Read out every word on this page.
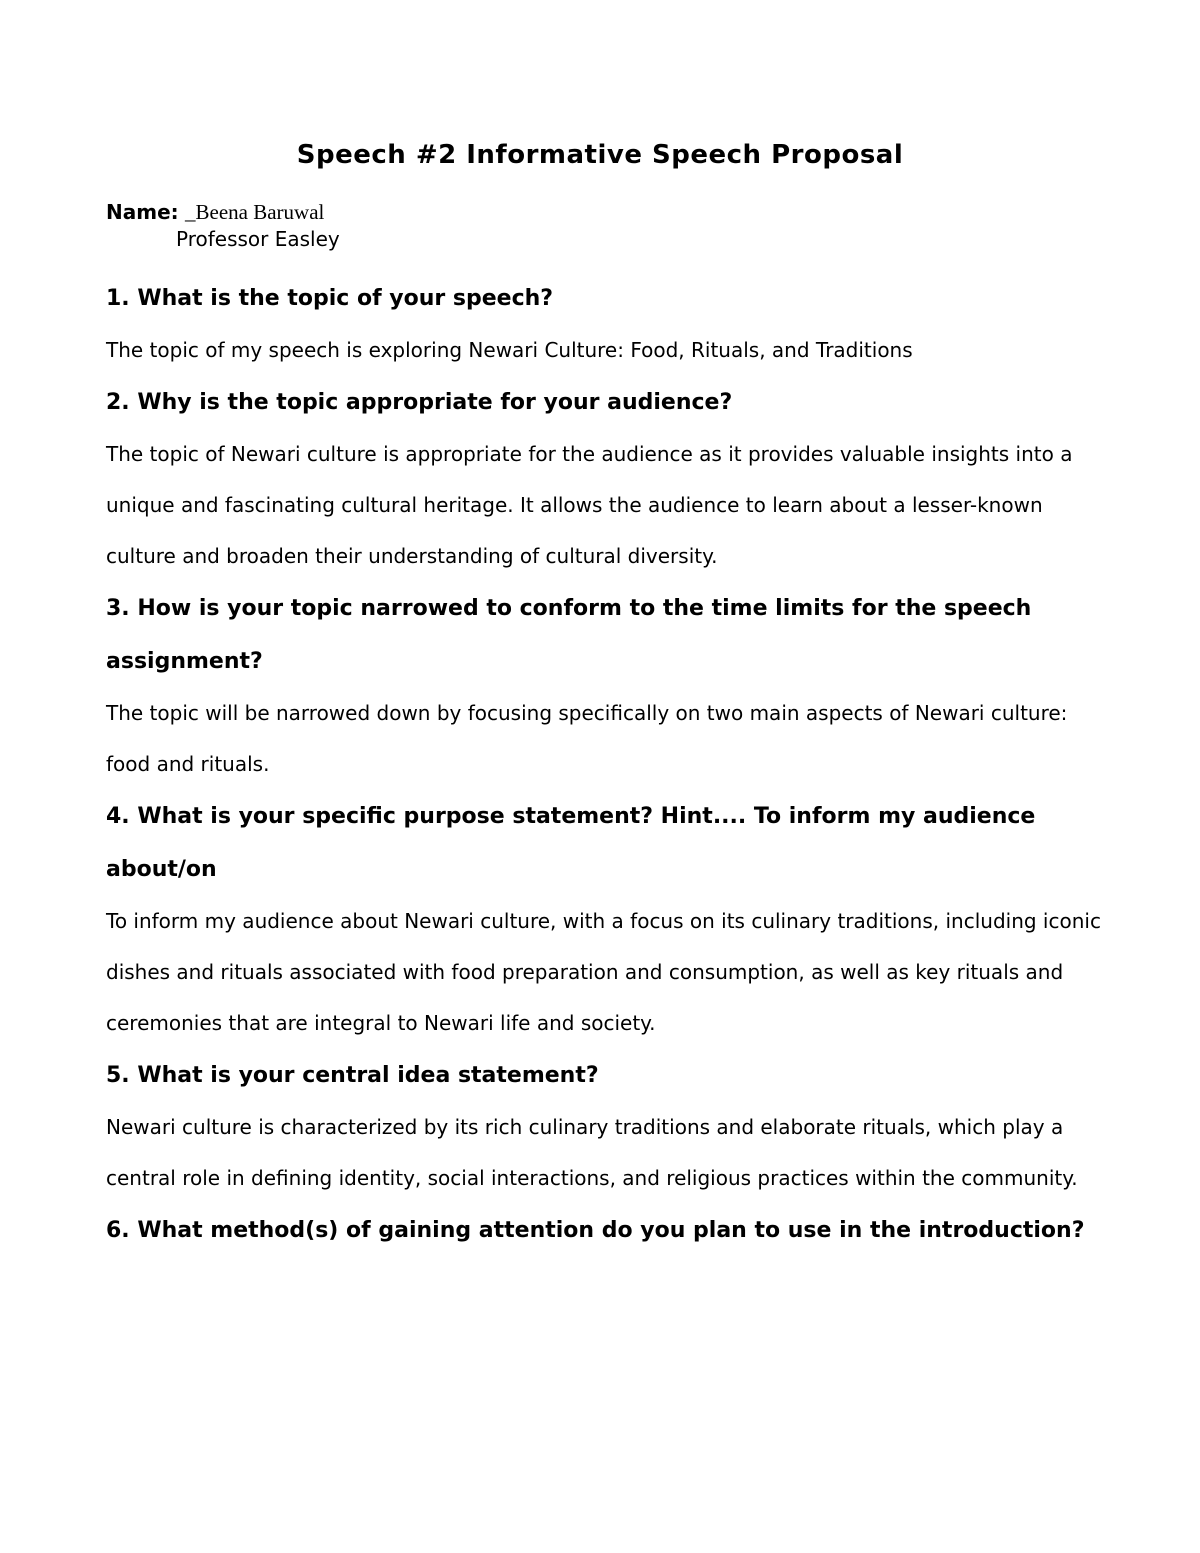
Speech #2 Informative Speech Proposal
Name: _Beena Baruwal
Professor Easley

1. What is the topic of your speech?

The topic of my speech is exploring Newari Culture: Food, Rituals, and Traditions

2. Why is the topic appropriate for your audience?

The topic of Newari culture is appropriate for the audience as it provides valuable insights into a unique and fascinating cultural heritage. It allows the audience to learn about a lesser-known culture and broaden their understanding of cultural diversity.

3. How is your topic narrowed to conform to the time limits for the speech assignment?

The topic will be narrowed down by focusing specifically on two main aspects of Newari culture: food and rituals.

4. What is your specific purpose statement? Hint.... To inform my audience about/on

To inform my audience about Newari culture, with a focus on its culinary traditions, including iconic dishes and rituals associated with food preparation and consumption, as well as key rituals and ceremonies that are integral to Newari life and society.

5. What is your central idea statement?

Newari culture is characterized by its rich culinary traditions and elaborate rituals, which play a central role in defining identity, social interactions, and religious practices within the community.

6. What method(s) of gaining attention do you plan to use in the introduction?
